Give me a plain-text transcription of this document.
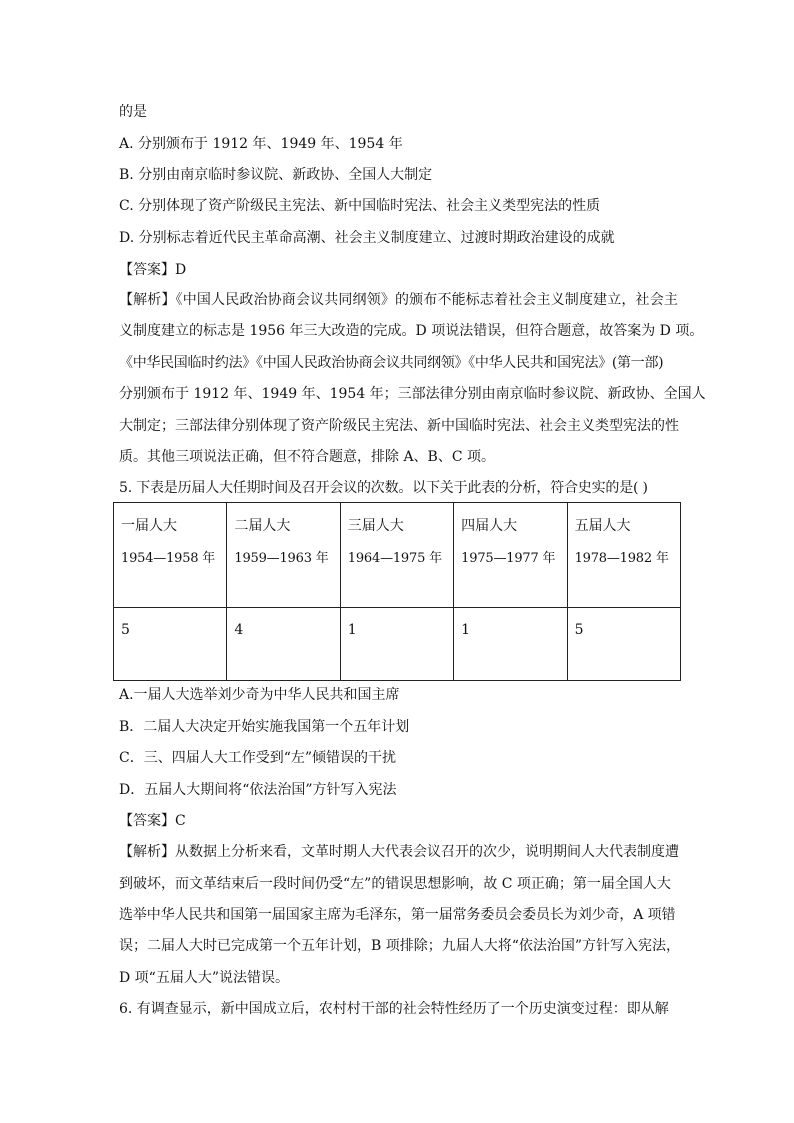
的是
A. 分别颁布于 1912 年、1949 年、1954 年
B. 分别由南京临时参议院、新政协、全国人大制定
C. 分别体现了资产阶级民主宪法、新中国临时宪法、社会主义类型宪法的性质
D. 分别标志着近代民主革命高潮、社会主义制度建立、过渡时期政治建设的成就
【答案】D
【解析】《中国人民政治协商会议共同纲领》的颁布不能标志着社会主义制度建立，社会主
义制度建立的标志是 1956 年三大改造的完成。D 项说法错误，但符合题意，故答案为 D 项。
《中华民国临时约法》《中国人民政治协商会议共同纲领》《中华人民共和国宪法》(第一部)
分别颁布于 1912 年、1949 年、1954 年；三部法律分别由南京临时参议院、新政协、全国人
大制定；三部法律分别体现了资产阶级民主宪法、新中国临时宪法、社会主义类型宪法的性
质。其他三项说法正确，但不符合题意，排除 A、B、C 项。
5. 下表是历届人大任期时间及召开会议的次数。以下关于此表的分析，符合史实的是( )
一届人大
1954—1958 年	二届人大
1959—1963 年	三届人大
1964—1975 年	四届人大
1975—1977 年	五届人大
1978—1982 年

5	4	1	1	5
A.一届人大选举刘少奇为中华人民共和国主席
B．二届人大决定开始实施我国第一个五年计划
C．三、四届人大工作受到“左”倾错误的干扰
D．五届人大期间将“依法治国”方针写入宪法
【答案】C
【解析】从数据上分析来看，文革时期人大代表会议召开的次少，说明期间人大代表制度遭
到破坏，而文革结束后一段时间仍受“左”的错误思想影响，故 C 项正确；第一届全国人大
选举中华人民共和国第一届国家主席为毛泽东，第一届常务委员会委员长为刘少奇，A 项错
误；二届人大时已完成第一个五年计划，B 项排除；九届人大将“依法治国”方针写入宪法，
D 项“五届人大”说法错误。
6. 有调查显示，新中国成立后，农村村干部的社会特性经历了一个历史演变过程：即从解
